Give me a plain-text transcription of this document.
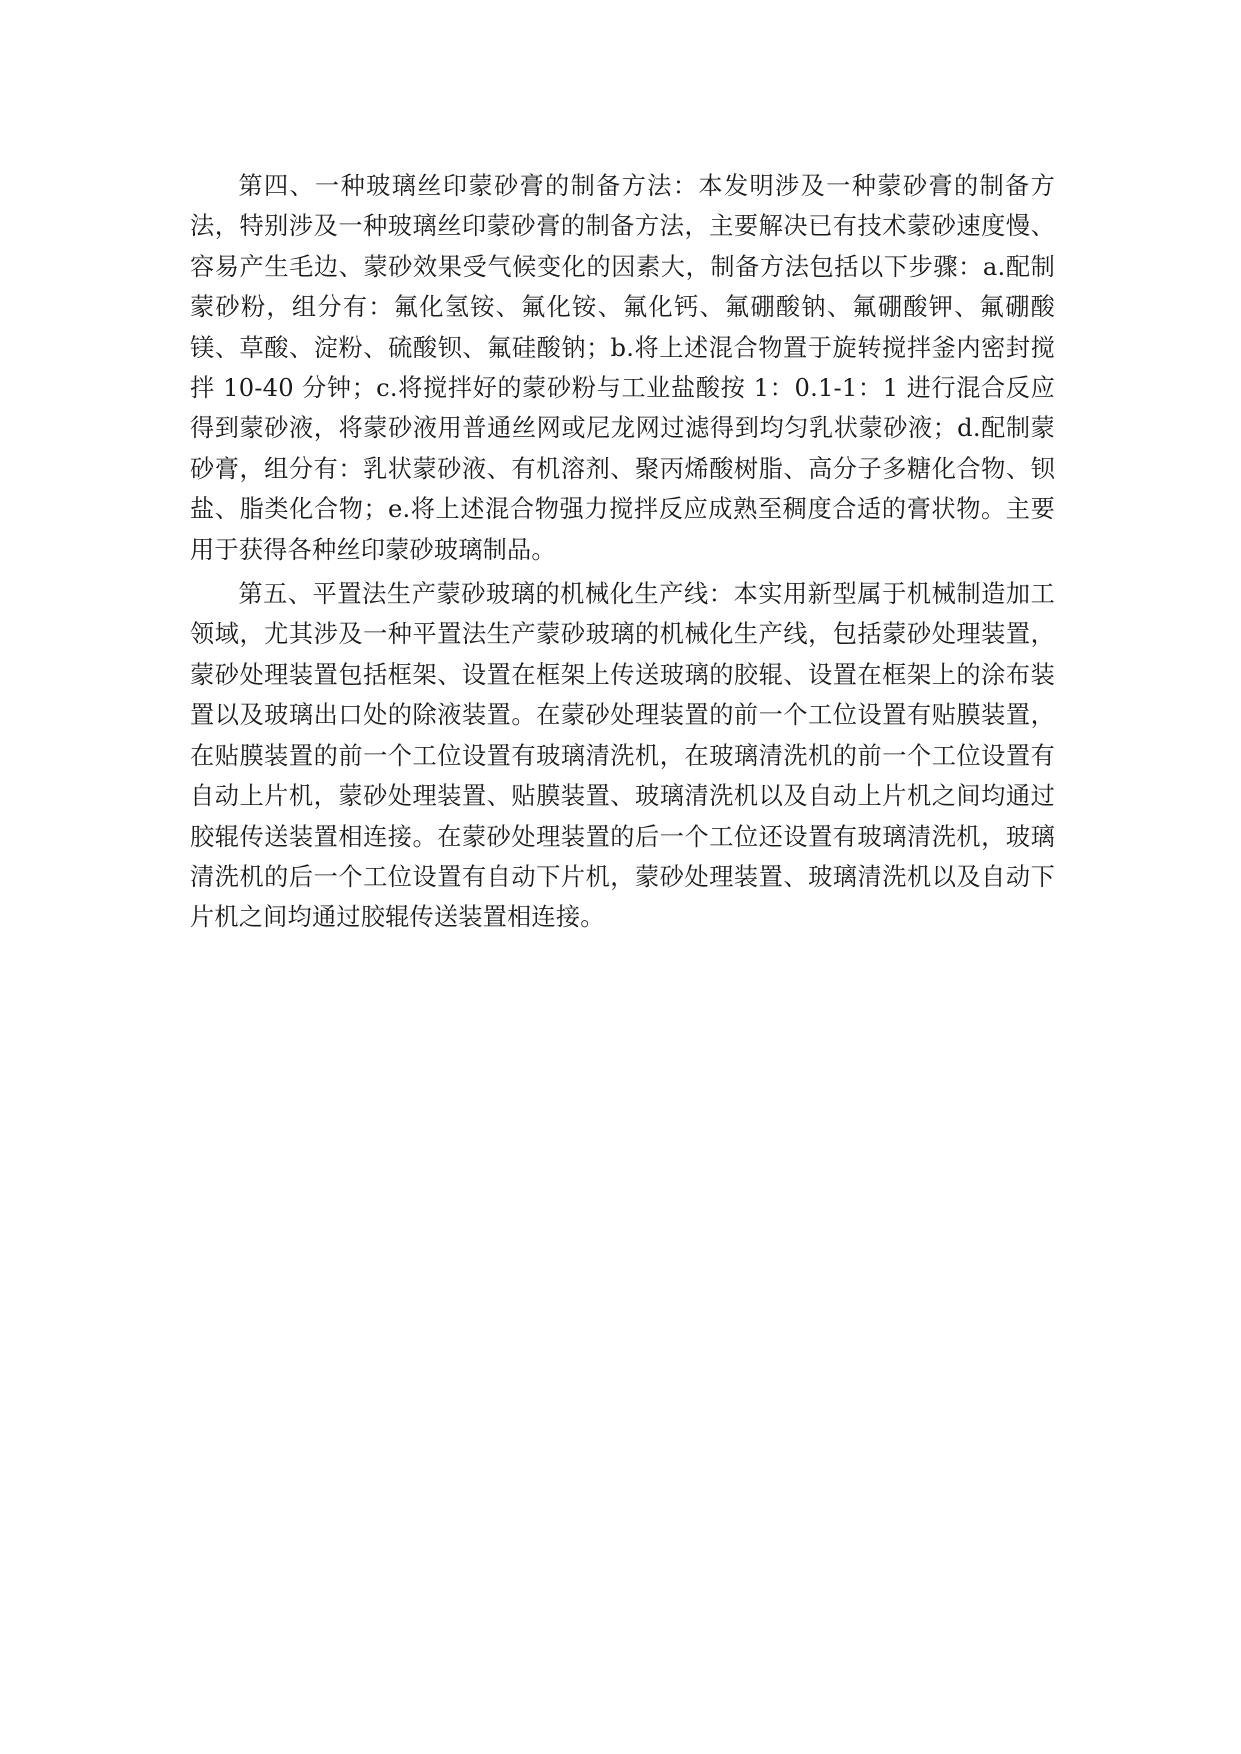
第四、一种玻璃丝印蒙砂膏的制备方法：本发明涉及一种蒙砂膏的制备方法，特别涉及一种玻璃丝印蒙砂膏的制备方法，主要解决已有技术蒙砂速度慢、容易产生毛边、蒙砂效果受气候变化的因素大，制备方法包括以下步骤：a.配制蒙砂粉，组分有：氟化氢铵、氟化铵、氟化钙、氟硼酸钠、氟硼酸钾、氟硼酸镁、草酸、淀粉、硫酸钡、氟硅酸钠；b.将上述混合物置于旋转搅拌釜内密封搅拌 10-40 分钟；c.将搅拌好的蒙砂粉与工业盐酸按 1：0.1-1：1 进行混合反应得到蒙砂液，将蒙砂液用普通丝网或尼龙网过滤得到均匀乳状蒙砂液；d.配制蒙砂膏，组分有：乳状蒙砂液、有机溶剂、聚丙烯酸树脂、高分子多糖化合物、钡盐、脂类化合物；e.将上述混合物强力搅拌反应成熟至稠度合适的膏状物。主要用于获得各种丝印蒙砂玻璃制品。

第五、平置法生产蒙砂玻璃的机械化生产线：本实用新型属于机械制造加工领域，尤其涉及一种平置法生产蒙砂玻璃的机械化生产线，包括蒙砂处理装置，蒙砂处理装置包括框架、设置在框架上传送玻璃的胶辊、设置在框架上的涂布装置以及玻璃出口处的除液装置。在蒙砂处理装置的前一个工位设置有贴膜装置，在贴膜装置的前一个工位设置有玻璃清洗机，在玻璃清洗机的前一个工位设置有自动上片机，蒙砂处理装置、贴膜装置、玻璃清洗机以及自动上片机之间均通过胶辊传送装置相连接。在蒙砂处理装置的后一个工位还设置有玻璃清洗机，玻璃清洗机的后一个工位设置有自动下片机，蒙砂处理装置、玻璃清洗机以及自动下片机之间均通过胶辊传送装置相连接。
